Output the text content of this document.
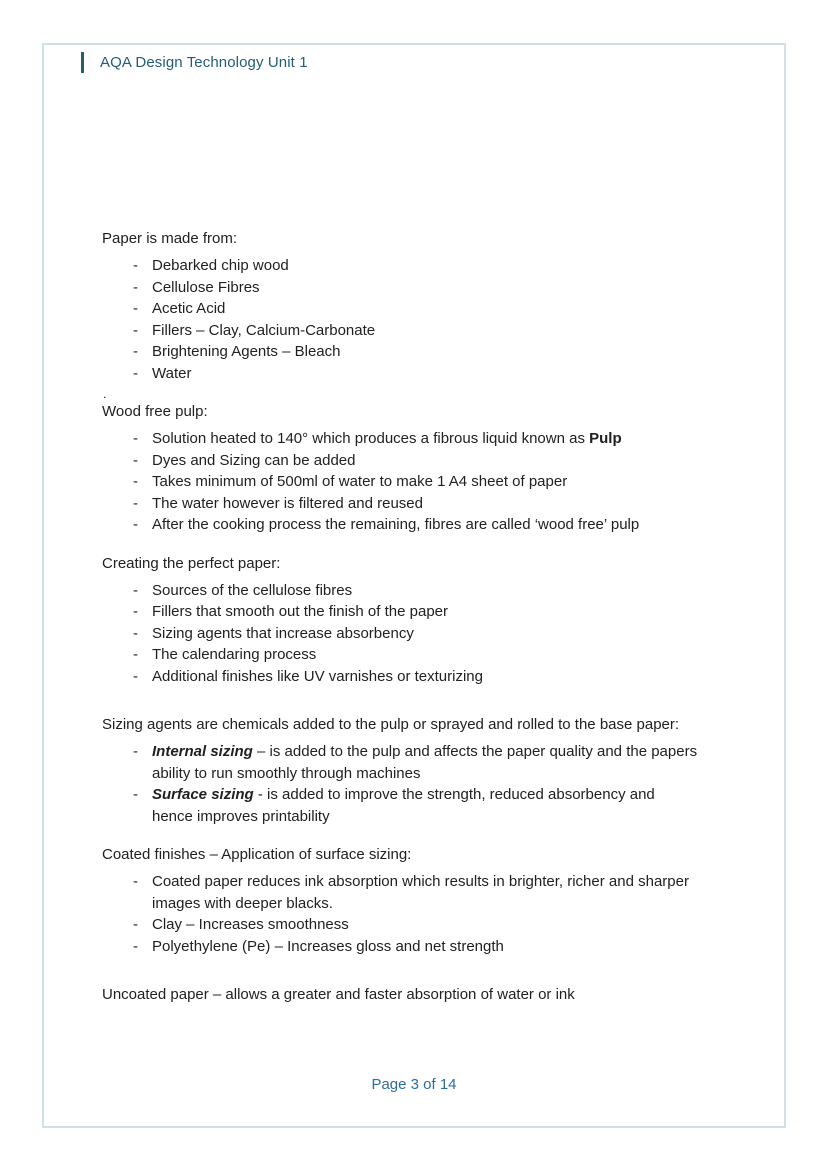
AQA Design Technology Unit 1

Paper is made from:

- Debarked chip wood
- Cellulose Fibres
- Acetic Acid
- Fillers – Clay, Calcium-Carbonate
- Brightening Agents – Bleach
- Water
.

Wood free pulp:

- Solution heated to 140° which produces a fibrous liquid known as Pulp
- Dyes and Sizing can be added
- Takes minimum of 500ml of water to make 1 A4 sheet of paper
- The water however is filtered and reused
- After the cooking process the remaining, fibres are called ‘wood free’ pulp

Creating the perfect paper:

- Sources of the cellulose fibres
- Fillers that smooth out the finish of the paper
- Sizing agents that increase absorbency
- The calendaring process
- Additional finishes like UV varnishes or texturizing

Sizing agents are chemicals added to the pulp or sprayed and rolled to the base paper:

- Internal sizing – is added to the pulp and affects the paper quality and the papers ability to run smoothly through machines
- Surface sizing - is added to improve the strength, reduced absorbency and hence improves printability

Coated finishes – Application of surface sizing:

- Coated paper reduces ink absorption which results in brighter, richer and sharper images with deeper blacks.
- Clay – Increases smoothness
- Polyethylene (Pe) – Increases gloss and net strength

Uncoated paper – allows a greater and faster absorption of water or ink

Page 3 of 14
